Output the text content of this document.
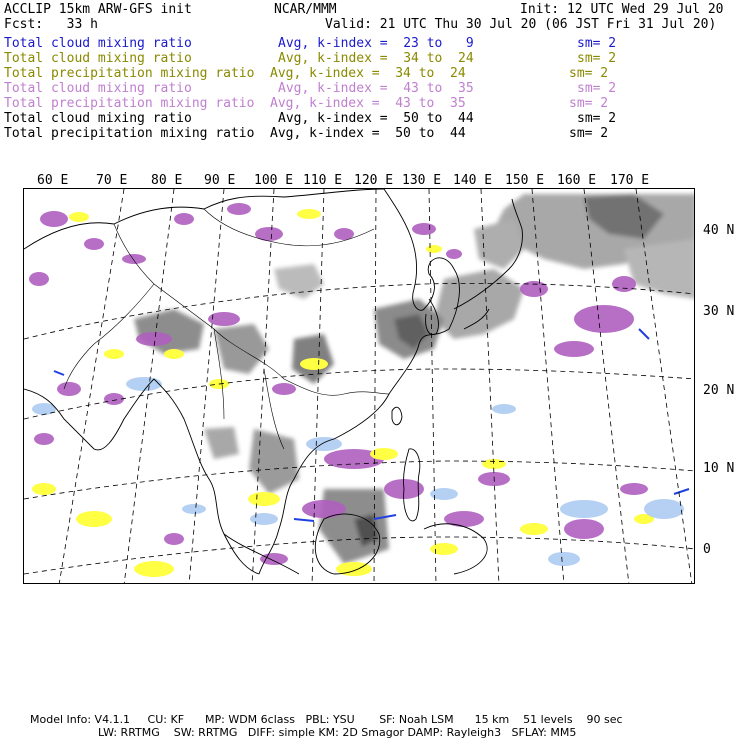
ACCLIP 15km ARW-GFS init	NCAR/MMM	Init: 12 UTC Wed 29 Jul 20
Fcst:   33 h	Valid: 21 UTC Thu 30 Jul 20 (06 JST Fri 31 Jul 20)
Total cloud mixing ratio	Avg, k-index =  23 to   9	sm= 2
Total cloud mixing ratio	Avg, k-index =  34 to  24	sm= 2
Total precipitation mixing ratio Avg, k-index =  34 to  24	sm= 2
Total cloud mixing ratio	Avg, k-index =  43 to  35	sm= 2
Total precipitation mixing ratio Avg, k-index =  43 to  35	sm= 2
Total cloud mixing ratio	Avg, k-index =  50 to  44	sm= 2
Total precipitation mixing ratio Avg, k-index =  50 to  44	sm= 2
60 E 70 E 80 E 90 E 100 E 110 E 120 E 130 E 140 E 150 E 160 E 170 E
40 N
30 N
20 N
10 N
0
Model Info: V4.1.1     CU: KF      MP: WDM 6class   PBL: YSU       SF: Noah LSM      15 km    51 levels    90 sec
LW: RRTMG    SW: RRTMG   DIFF: simple KM: 2D Smagor DAMP: Rayleigh3   SFLAY: MM5
